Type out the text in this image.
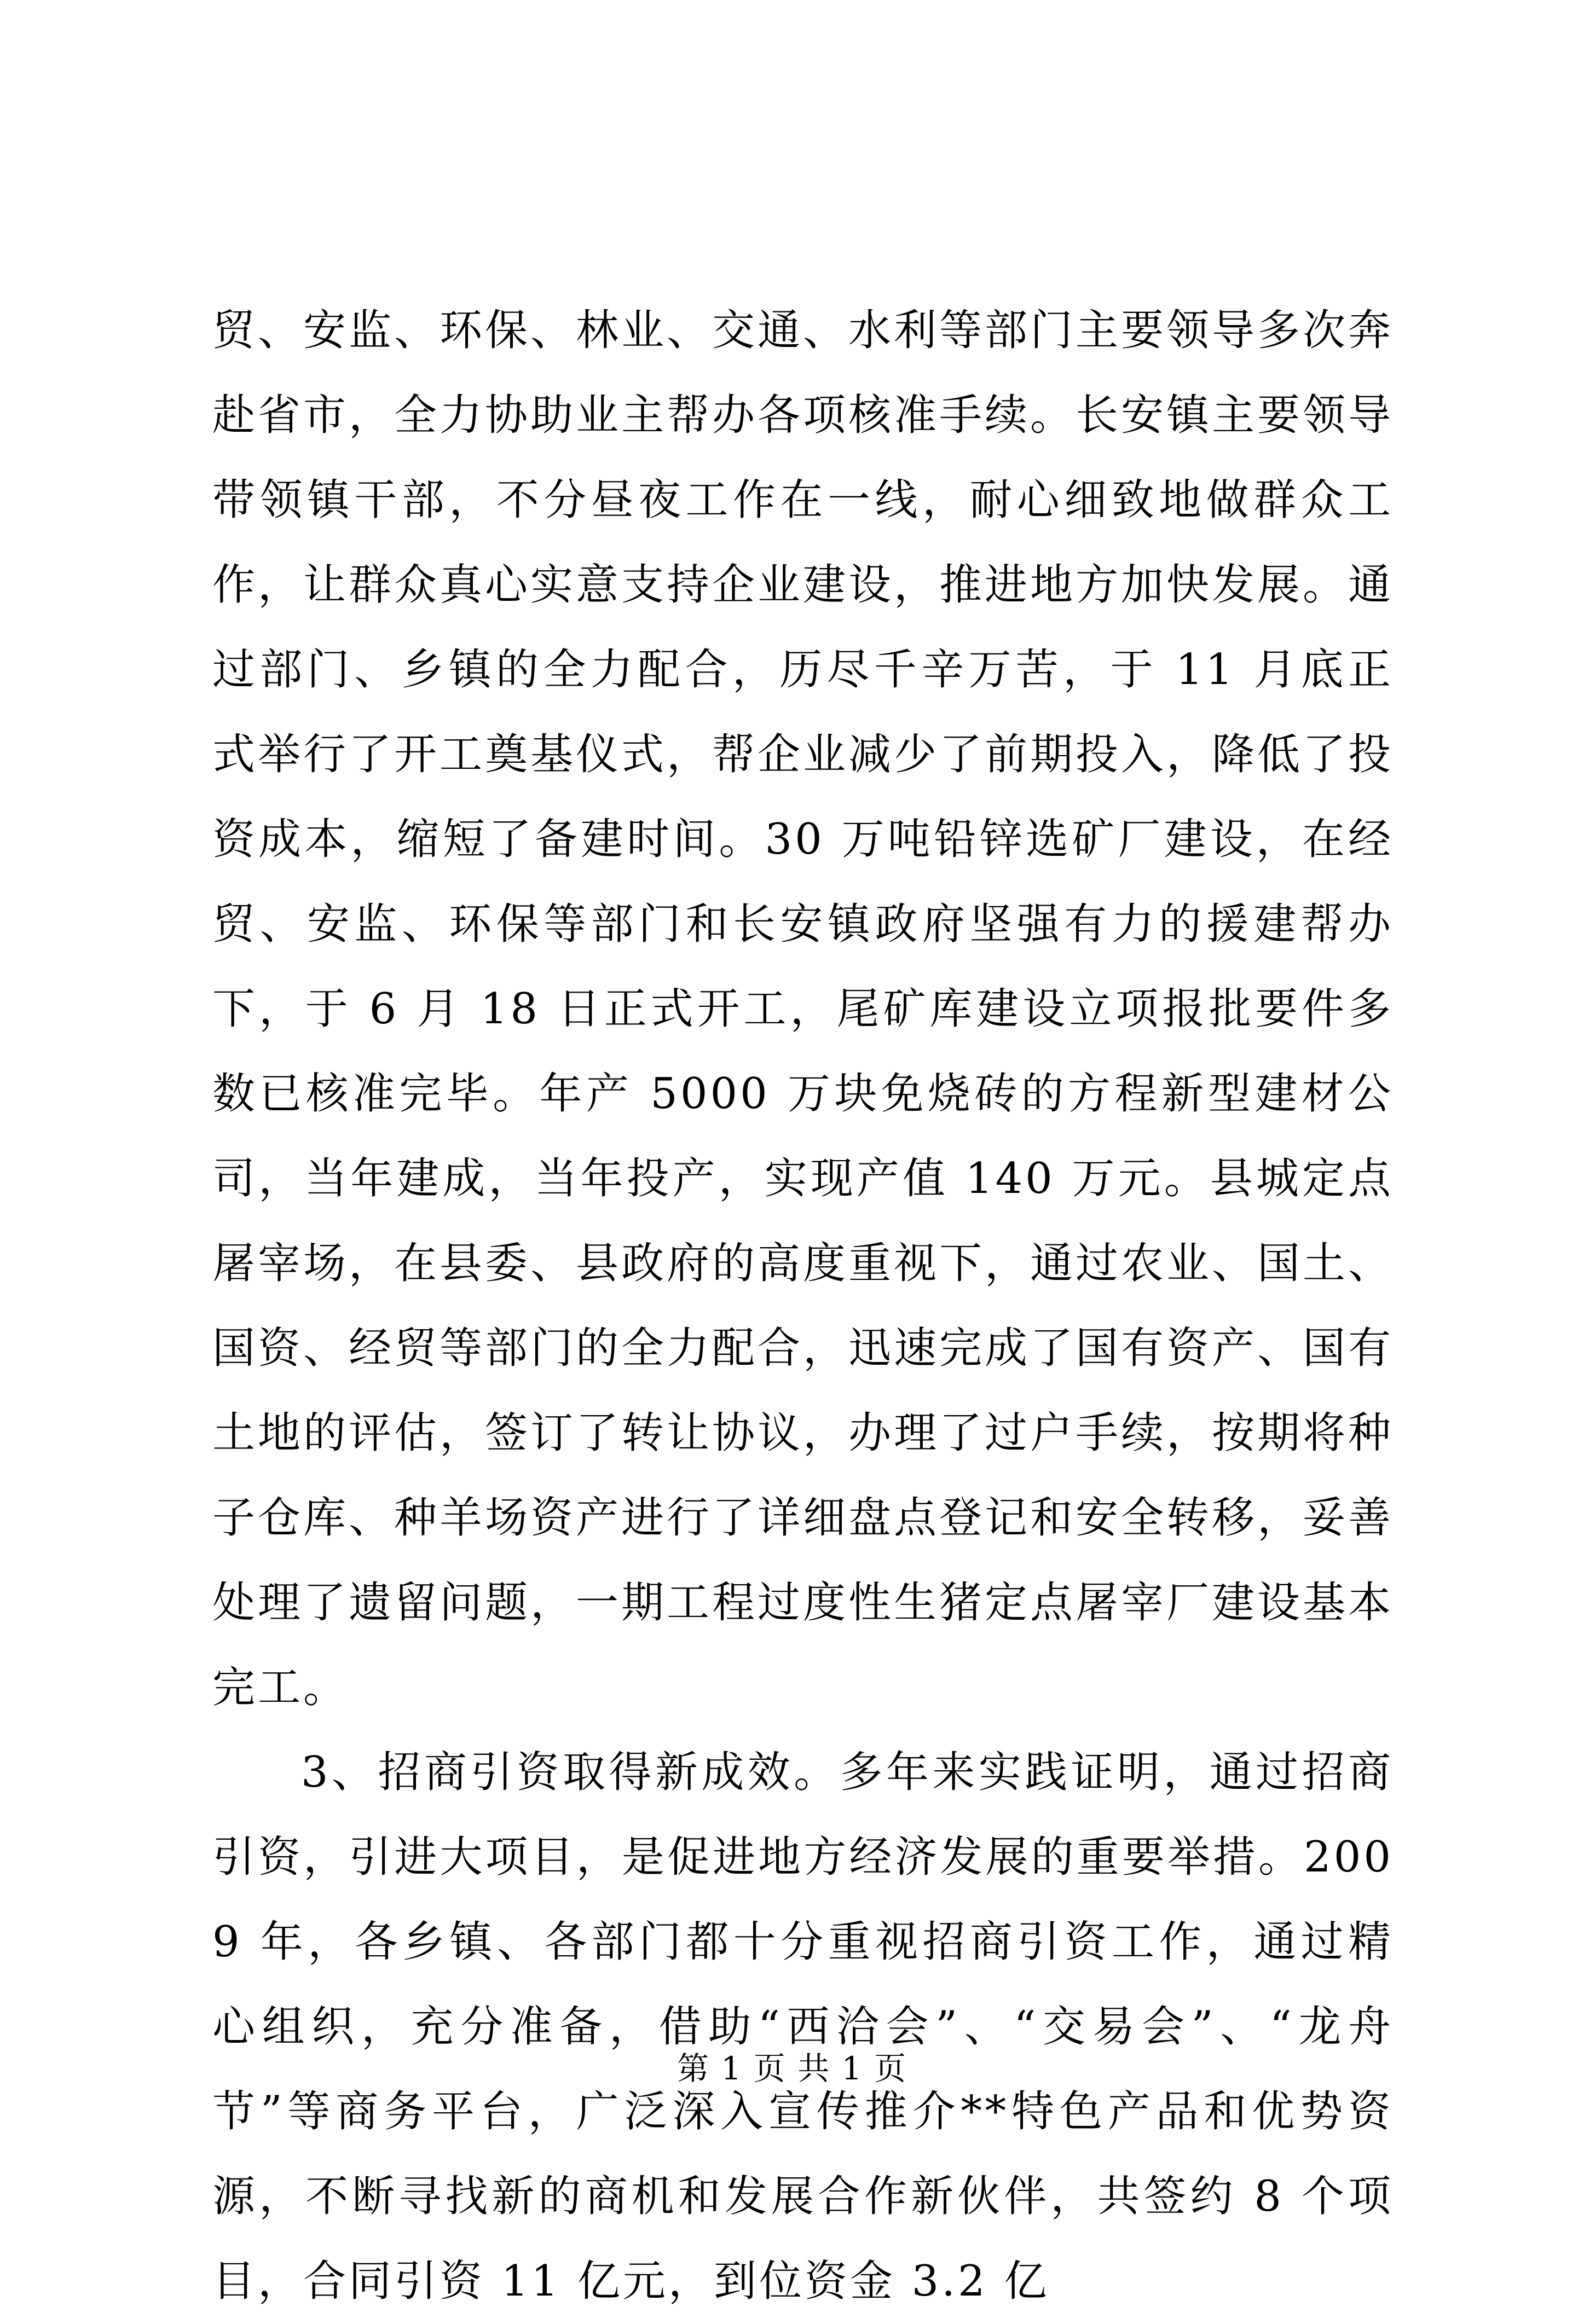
贸、安监、环保、林业、交通、水利等部门主要领导多次奔赴省市，全力协助业主帮办各项核准手续。长安镇主要领导带领镇干部，不分昼夜工作在一线，耐心细致地做群众工作，让群众真心实意支持企业建设，推进地方加快发展。通过部门、乡镇的全力配合，历尽千辛万苦，于 11 月底正式举行了开工奠基仪式，帮企业减少了前期投入，降低了投资成本，缩短了备建时间。30 万吨铅锌选矿厂建设，在经贸、安监、环保等部门和长安镇政府坚强有力的援建帮办下，于 6 月 18 日正式开工，尾矿库建设立项报批要件多数已核准完毕。年产 5000 万块免烧砖的方程新型建材公司，当年建成，当年投产，实现产值 140 万元。县城定点屠宰场，在县委、县政府的高度重视下，通过农业、国土、国资、经贸等部门的全力配合，迅速完成了国有资产、国有土地的评估，签订了转让协议，办理了过户手续，按期将种子仓库、种羊场资产进行了详细盘点登记和安全转移，妥善处理了遗留问题，一期工程过度性生猪定点屠宰厂建设基本完工。

3、招商引资取得新成效。多年来实践证明，通过招商引资，引进大项目，是促进地方经济发展的重要举措。2009 年，各乡镇、各部门都十分重视招商引资工作，通过精心组织，充分准备，借助“西洽会”、“交易会”、“龙舟节”等商务平台，广泛深入宣传推介**特色产品和优势资源，不断寻找新的商机和发展合作新伙伴，共签约 8 个项目，合同引资 11 亿元，到位资金 3.2 亿

第 1 页 共 1 页
